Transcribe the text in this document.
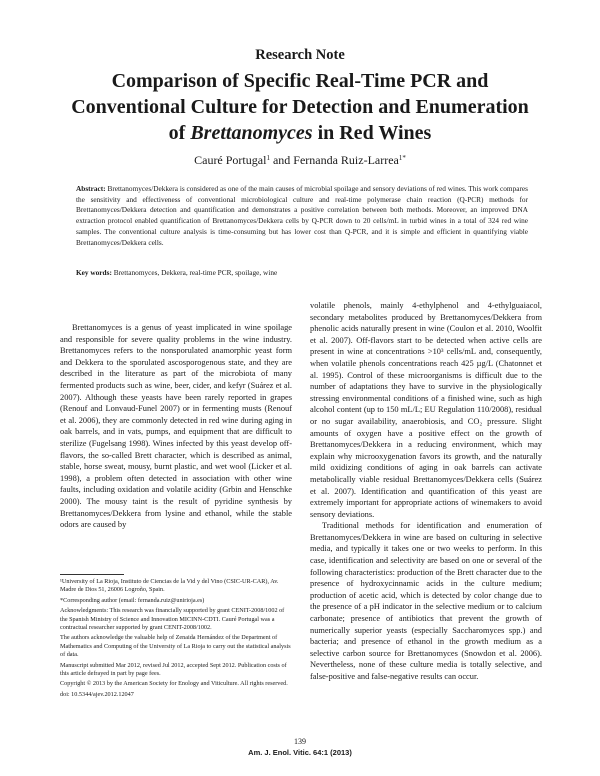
Research Note
Comparison of Specific Real-Time PCR and
Conventional Culture for Detection and Enumeration
of Brettanomyces in Red Wines
Cauré Portugal$^1$ and Fernanda Ruiz-Larrea$^{1*}$
Abstract: Brettanomyces/Dekkera is considered as one of the main causes of microbial spoilage and sensory deviations of red wines. This work compares the sensitivity and effectiveness of conventional microbiological culture and real-time polymerase chain reaction (Q-PCR) methods for Brettanomyces/Dekkera detection and quantification and demonstrates a positive correlation between both methods. Moreover, an improved DNA extraction protocol enabled quantification of Brettanomyces/Dekkera cells by Q-PCR down to 20 cells/mL in turbid wines in a total of 324 red wine samples. The conventional culture analysis is time-consuming but has lower cost than Q-PCR, and it is simple and efficient in quantifying viable Brettanomyces/Dekkera cells.
Key words: Brettanomyces, Dekkera, real-time PCR, spoilage, wine

Brettanomyces is a genus of yeast implicated in wine spoilage and responsible for severe quality problems in the wine industry. Brettanomyces refers to the nonsporulated anamorphic yeast form and Dekkera to the sporulated ascosporogenous state, and they are described in the literature as part of the microbiota of many fermented products such as wine, beer, cider, and kefyr (Suárez et al. 2007). Although these yeasts have been rarely reported in grapes (Renouf and Lonvaud-Funel 2007) or in fermenting musts (Renouf et al. 2006), they are commonly detected in red wine during aging in oak barrels, and in vats, pumps, and equipment that are difficult to sterilize (Fugelsang 1998). Wines infected by this yeast develop off-flavors, the so-called Brett character, which is described as animal, stable, horse sweat, mousy, burnt plastic, and wet wool (Licker et al. 1998), a problem often detected in association with other wine faults, including oxidation and volatile acidity (Grbin and Henschke 2000). The mousy taint is the result of pyridine synthesis by Brettanomyces/Dekkera from lysine and ethanol, while the stable odors are caused by

volatile phenols, mainly 4-ethylphenol and 4-ethylguaiacol, secondary metabolites produced by Brettanomyces/Dekkera from phenolic acids naturally present in wine (Coulon et al. 2010, Woolfit et al. 2007). Off-flavors start to be detected when active cells are present in wine at concentrations >10³ cells/mL and, consequently, when volatile phenols concentrations reach 425 µg/L (Chatonnet et al. 1995). Control of these microorganisms is difficult due to the number of adaptations they have to survive in the physiologically stressing environmental conditions of a finished wine, such as high alcohol content (up to 150 mL/L; EU Regulation 110/2008), residual or no sugar availability, anaerobiosis, and CO₂ pressure. Slight amounts of oxygen have a positive effect on the growth of Brettanomyces/Dekkera in a reducing environment, which may explain why microoxygenation favors its growth, and the naturally mild oxidizing conditions of aging in oak barrels can activate metabolically viable residual Brettanomyces/Dekkera cells (Suárez et al. 2007). Identification and quantification of this yeast are extremely important for appropriate actions of winemakers to avoid sensory deviations.

Traditional methods for identification and enumeration of Brettanomyces/Dekkera in wine are based on culturing in selective media, and typically it takes one or two weeks to perform. In this case, identification and selectivity are based on one or several of the following characteristics: production of the Brett character due to the presence of hydroxycinnamic acids in the culture medium; production of acetic acid, which is detected by color change due to the presence of a pH indicator in the selective medium or to calcium carbonate; presence of antibiotics that prevent the growth of numerically superior yeasts (especially Saccharomyces spp.) and bacteria; and presence of ethanol in the growth medium as a selective carbon source for Brettanomyces (Snowdon et al. 2006). Nevertheless, none of these culture media is totally selective, and false-positive and false-negative results can occur.

¹University of La Rioja, Instituto de Ciencias de la Vid y del Vino (CSIC-UR-CAR), Av. Madre de Dios 51, 26006 Logroño, Spain.

*Corresponding author (email: fernanda.ruiz@unirioja.es)

Acknowledgments: This research was financially supported by grant CENIT-2008/1002 of the Spanish Ministry of Science and Innovation MICINN-CDTI. Cauré Portugal was a contractual researcher supported by grant CENIT-2008/1002.

The authors acknowledge the valuable help of Zenaida Hernández of the Department of Mathematics and Computing of the University of La Rioja to carry out the statistical analysis of data.

Manuscript submitted Mar 2012, revised Jul 2012, accepted Sept 2012. Publication costs of this article defrayed in part by page fees.

Copyright © 2013 by the American Society for Enology and Viticulture. All rights reserved.

doi: 10.5344/ajev.2012.12047

139
Am. J. Enol. Vitic. 64:1 (2013)
